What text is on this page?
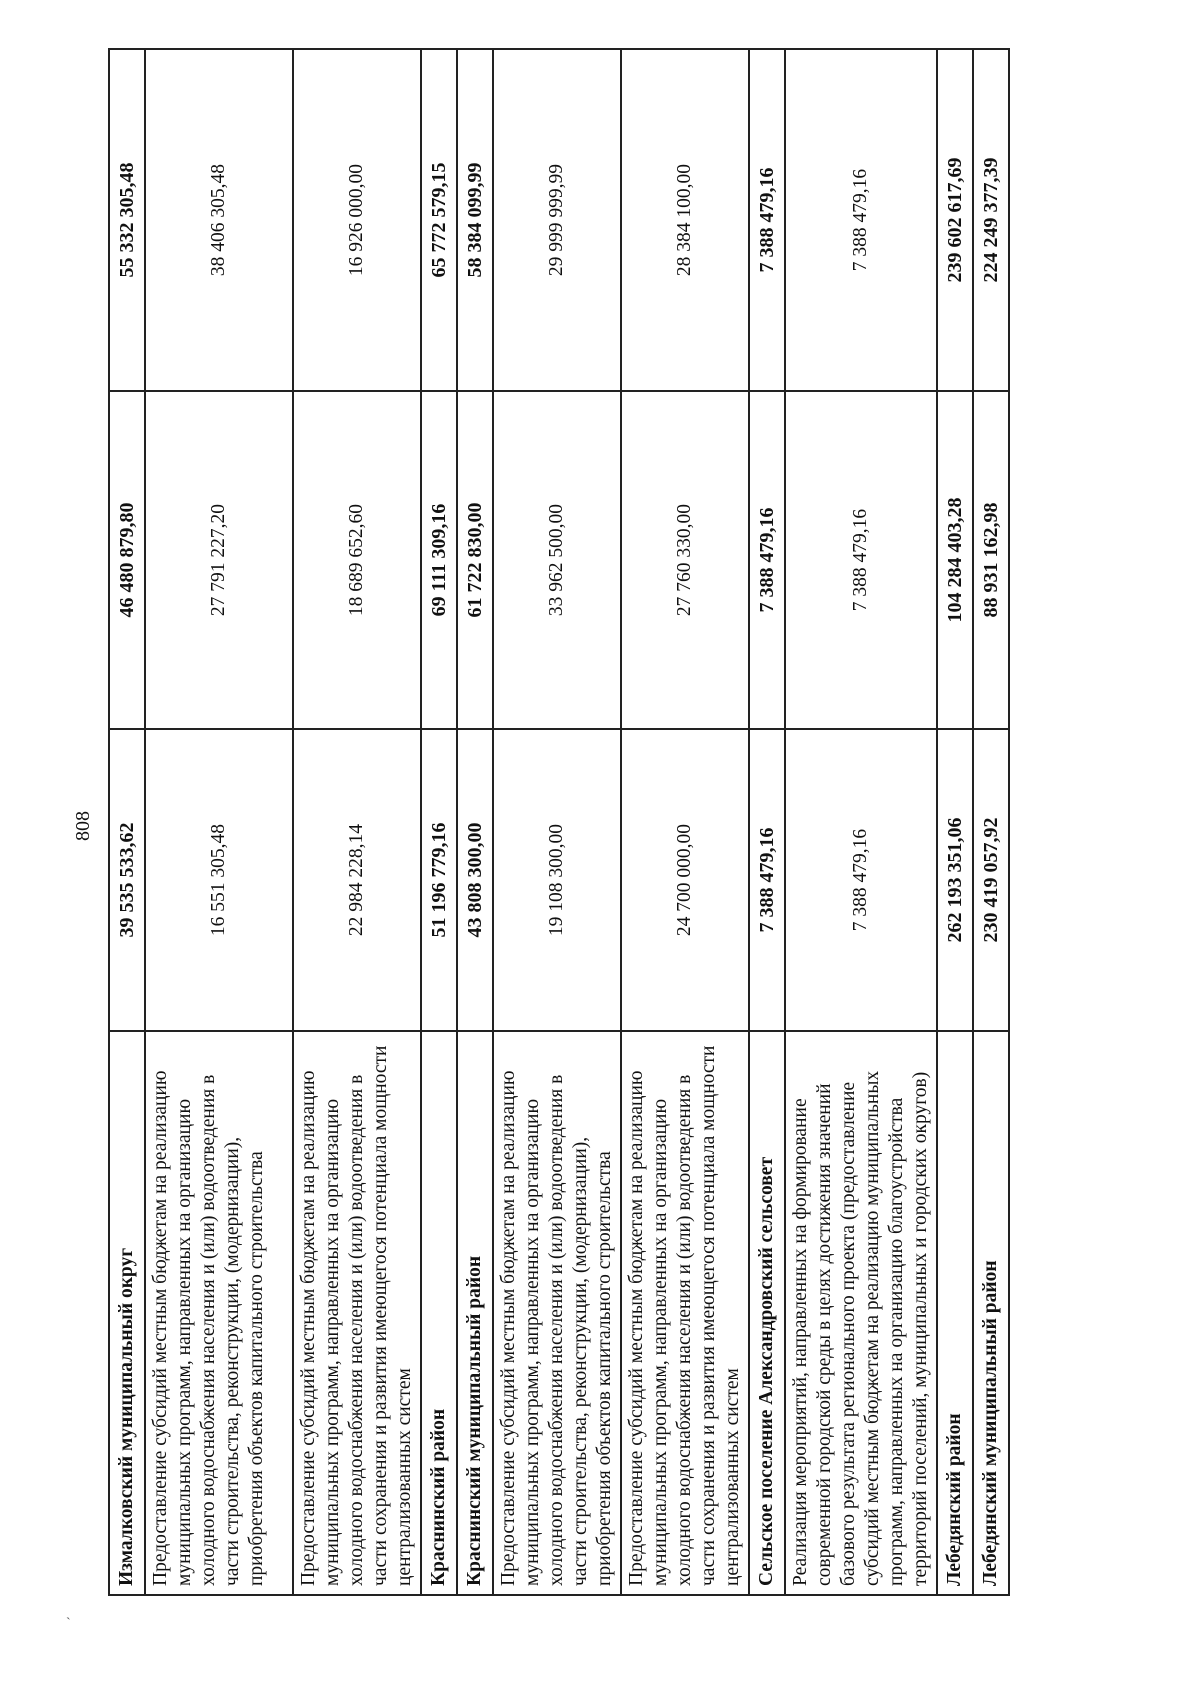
808
Измалковский муниципальный округ	39 535 533,62	46 480 879,80	55 332 305,48
Предоставление субсидий местным бюджетам на реализацию муниципальных программ, направленных на организацию холодного водоснабжения населения и (или) водоотведения в части строительства, реконструкции, (модернизации), приобретения объектов капитального строительства	16 551 305,48	27 791 227,20	38 406 305,48
Предоставление субсидий местным бюджетам на реализацию муниципальных программ, направленных на организацию холодного водоснабжения населения и (или) водоотведения в части сохранения и развития имеющегося потенциала мощности централизованных систем	22 984 228,14	18 689 652,60	16 926 000,00
Краснинский район	51 196 779,16	69 111 309,16	65 772 579,15
Краснинский муниципальный район	43 808 300,00	61 722 830,00	58 384 099,99
Предоставление субсидий местным бюджетам на реализацию муниципальных программ, направленных на организацию холодного водоснабжения населения и (или) водоотведения в части строительства, реконструкции, (модернизации), приобретения объектов капитального строительства	19 108 300,00	33 962 500,00	29 999 999,99
Предоставление субсидий местным бюджетам на реализацию муниципальных программ, направленных на организацию холодного водоснабжения населения и (или) водоотведения в части сохранения и развития имеющегося потенциала мощности централизованных систем	24 700 000,00	27 760 330,00	28 384 100,00
Сельское поселение Александровский сельсовет	7 388 479,16	7 388 479,16	7 388 479,16
Реализация мероприятий, направленных на формирование современной городской среды в целях достижения значений базового результата регионального проекта (предоставление субсидий местным бюджетам на реализацию муниципальных программ, направленных на организацию благоустройства территорий поселений, муниципальных и городских округов)	7 388 479,16	7 388 479,16	7 388 479,16
Лебедянский район	262 193 351,06	104 284 403,28	239 602 617,69
Лебедянский муниципальный район	230 419 057,92	88 931 162,98	224 249 377,39
`
